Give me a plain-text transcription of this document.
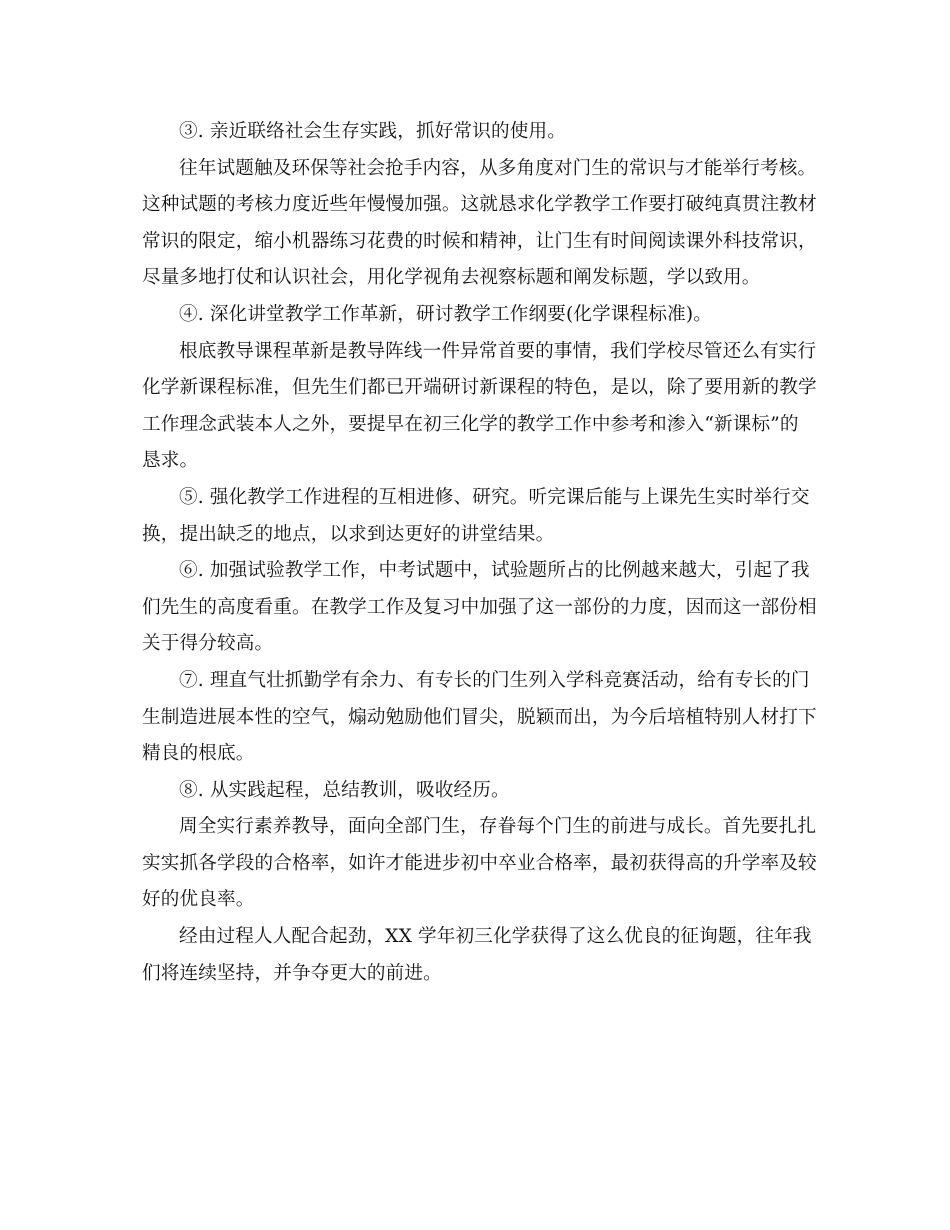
③. 亲近联络社会生存实践，抓好常识的使用。

往年试题触及环保等社会抢手内容，从多角度对门生的常识与才能举行考核。这种试题的考核力度近些年慢慢加强。这就恳求化学教学工作要打破纯真贯注教材常识的限定，缩小机器练习花费的时候和精神，让门生有时间阅读课外科技常识，尽量多地打仗和认识社会，用化学视角去视察标题和阐发标题，学以致用。

④. 深化讲堂教学工作革新，研讨教学工作纲要(化学课程标准)。

根底教导课程革新是教导阵线一件异常首要的事情，我们学校尽管还么有实行化学新课程标准，但先生们都已开端研讨新课程的特色，是以，除了要用新的教学工作理念武装本人之外，要提早在初三化学的教学工作中参考和渗入“新课标”的恳求。

⑤. 强化教学工作进程的互相进修、研究。听完课后能与上课先生实时举行交换，提出缺乏的地点，以求到达更好的讲堂结果。

⑥. 加强试验教学工作，中考试题中，试验题所占的比例越来越大，引起了我们先生的高度看重。在教学工作及复习中加强了这一部份的力度，因而这一部份相关于得分较高。

⑦. 理直气壮抓勤学有余力、有专长的门生列入学科竞赛活动，给有专长的门生制造进展本性的空气，煽动勉励他们冒尖，脱颖而出，为今后培植特别人材打下精良的根底。

⑧. 从实践起程，总结教训，吸收经历。

周全实行素养教导，面向全部门生，存眷每个门生的前进与成长。首先要扎扎实实抓各学段的合格率，如许才能进步初中卒业合格率，最初获得高的升学率及较好的优良率。

经由过程人人配合起劲，XX 学年初三化学获得了这么优良的征询题，往年我们将连续坚持，并争夺更大的前进。
